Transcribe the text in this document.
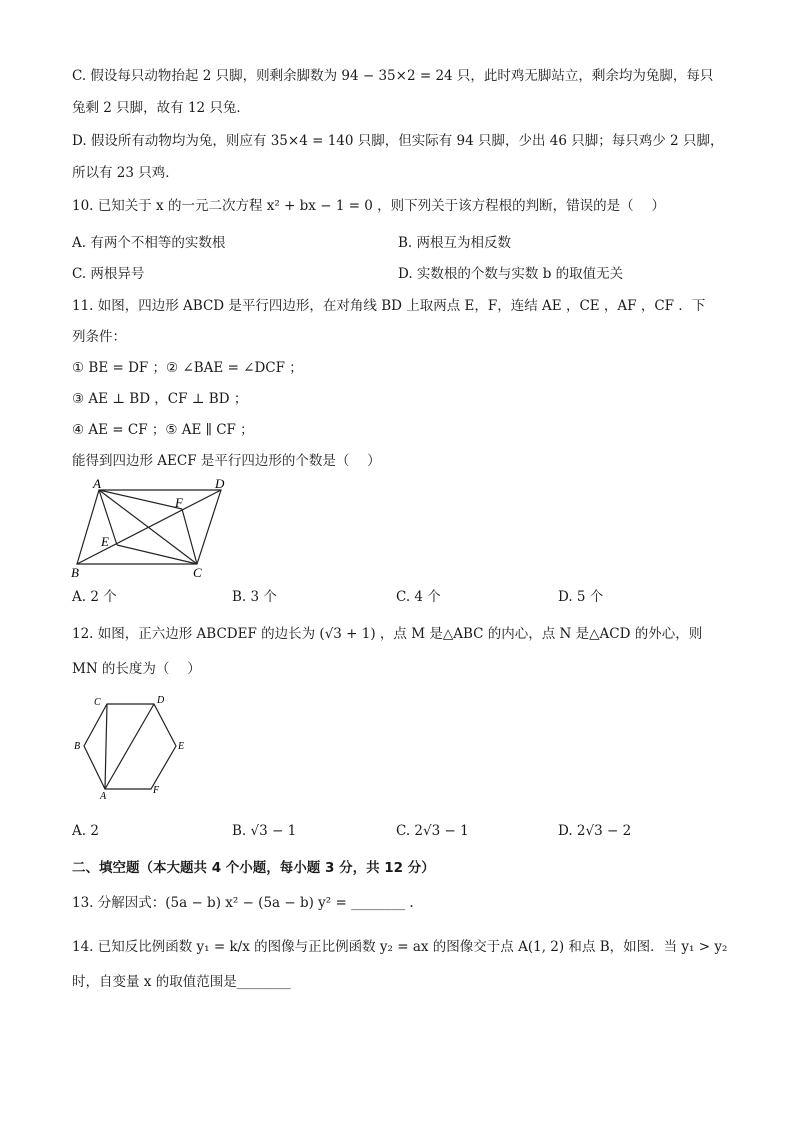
C. 假设每只动物抬起 2 只脚，则剩余脚数为 94 − 35×2 = 24 只，此时鸡无脚站立，剩余均为兔脚，每只
兔剩 2 只脚，故有 12 只兔．
D. 假设所有动物均为兔，则应有 35×4 = 140 只脚，但实际有 94 只脚，少出 46 只脚；每只鸡少 2 只脚，
所以有 23 只鸡．
10. 已知关于 x 的一元二次方程 x² + bx − 1 = 0 ，则下列关于该方程根的判断，错误的是（　 ）
A. 有两个不相等的实数根	B. 两根互为相反数
C. 两根异号	D. 实数根的个数与实数 b 的取值无关
11. 如图，四边形 ABCD 是平行四边形，在对角线 BD 上取两点 E，F，连结 AE ，CE ，AF ，CF ．下
列条件：
① BE = DF ；② ∠BAE = ∠DCF ；
③ AE ⊥ BD ，CF ⊥ BD ；
④ AE = CF ；⑤ AE ∥ CF ；
能得到四边形 AECF 是平行四边形的个数是（　 ）
A	D
F
E
B	C
A. 2 个	B. 3 个	C. 4 个	D. 5 个
12. 如图，正六边形 ABCDEF 的边长为 (√3 + 1) ，点 M 是△ABC 的内心，点 N 是△ACD 的外心，则
MN 的长度为（　 ）
C	D
B	E
A
F
A. 2	B. √3 − 1	C. 2√3 − 1	D. 2√3 − 2
二、填空题（本大题共 4 个小题，每小题 3 分，共 12 分）
13. 分解因式：(5a − b) x² − (5a − b) y² = ________ .
14. 已知反比例函数 y₁ = k/x 的图像与正比例函数 y₂ = ax 的图像交于点 A(1, 2) 和点 B，如图．当 y₁ > y₂
时，自变量 x 的取值范围是________
